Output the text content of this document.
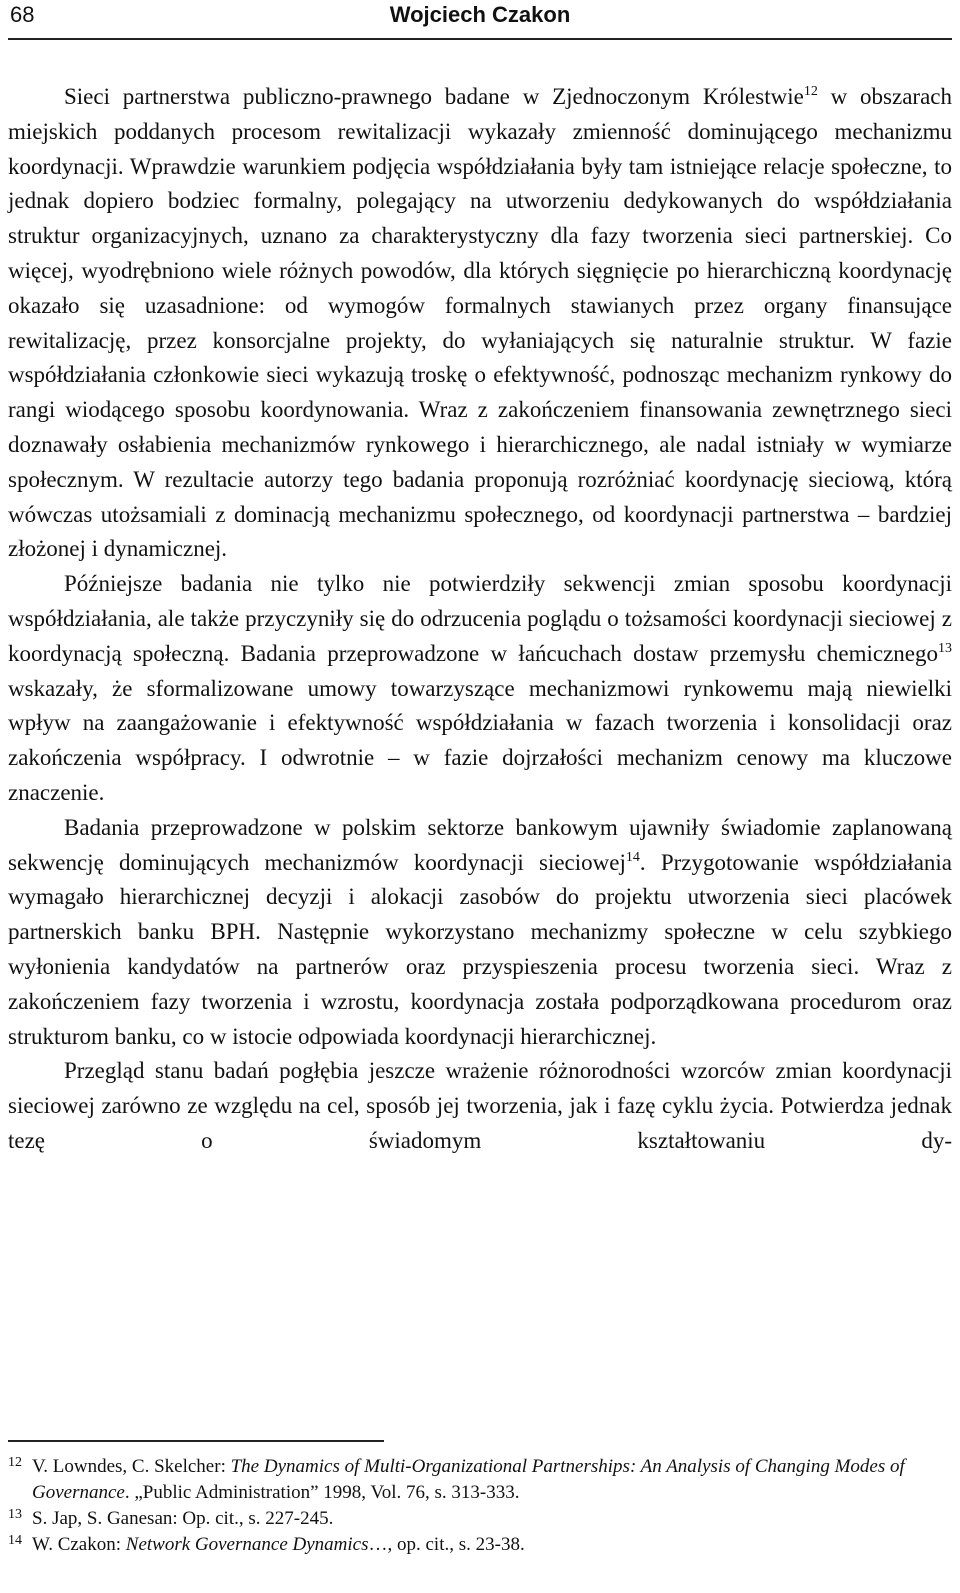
68	Wojciech Czakon

Sieci partnerstwa publiczno-prawnego badane w Zjednoczonym Królestwie$^{12}$ w obszarach miejskich poddanych procesom rewitalizacji wykazały zmienność dominującego mechanizmu koordynacji. Wprawdzie warunkiem podjęcia współdziałania były tam istniejące relacje społeczne, to jednak dopiero bodziec formalny, polegający na utworzeniu dedykowanych do współdziałania struktur organizacyjnych, uznano za charakterystyczny dla fazy tworzenia sieci partnerskiej. Co więcej, wyodrębniono wiele różnych powodów, dla których sięgnięcie po hierarchiczną koordynację okazało się uzasadnione: od wymogów formalnych stawianych przez organy finansujące rewitalizację, przez konsorcjalne projekty, do wyłaniających się naturalnie struktur. W fazie współdziałania członkowie sieci wykazują troskę o efektywność, podnosząc mechanizm rynkowy do rangi wiodącego sposobu koordynowania. Wraz z zakończeniem finansowania zewnętrznego sieci doznawały osłabienia mechanizmów rynkowego i hierarchicznego, ale nadal istniały w wymiarze społecznym. W rezultacie autorzy tego badania proponują rozróżniać koordynację sieciową, którą wówczas utożsamiali z dominacją mechanizmu społecznego, od koordynacji partnerstwa – bardziej złożonej i dynamicznej.

Późniejsze badania nie tylko nie potwierdziły sekwencji zmian sposobu koordynacji współdziałania, ale także przyczyniły się do odrzucenia poglądu o tożsamości koordynacji sieciowej z koordynacją społeczną. Badania przeprowadzone w łańcuchach dostaw przemysłu chemicznego$^{13}$ wskazały, że sformalizowane umowy towarzyszące mechanizmowi rynkowemu mają niewielki wpływ na zaangażowanie i efektywność współdziałania w fazach tworzenia i konsolidacji oraz zakończenia współpracy. I odwrotnie – w fazie dojrzałości mechanizm cenowy ma kluczowe znaczenie.

Badania przeprowadzone w polskim sektorze bankowym ujawniły świadomie zaplanowaną sekwencję dominujących mechanizmów koordynacji sieciowej$^{14}$. Przygotowanie współdziałania wymagało hierarchicznej decyzji i alokacji zasobów do projektu utworzenia sieci placówek partnerskich banku BPH. Następnie wykorzystano mechanizmy społeczne w celu szybkiego wyłonienia kandydatów na partnerów oraz przyspieszenia procesu tworzenia sieci. Wraz z zakończeniem fazy tworzenia i wzrostu, koordynacja została podporządkowana procedurom oraz strukturom banku, co w istocie odpowiada koordynacji hierarchicznej.

Przegląd stanu badań pogłębia jeszcze wrażenie różnorodności wzorców zmian koordynacji sieciowej zarówno ze względu na cel, sposób jej tworzenia, jak i fazę cyklu życia. Potwierdza jednak tezę o świadomym kształtowaniu dy-

12 V. Lowndes, C. Skelcher: The Dynamics of Multi-Organizational Partnerships: An Analysis of Changing Modes of Governance. „Public Administration” 1998, Vol. 76, s. 313-333.

13 S. Jap, S. Ganesan: Op. cit., s. 227-245.

14 W. Czakon: Network Governance Dynamics…, op. cit., s. 23-38.
